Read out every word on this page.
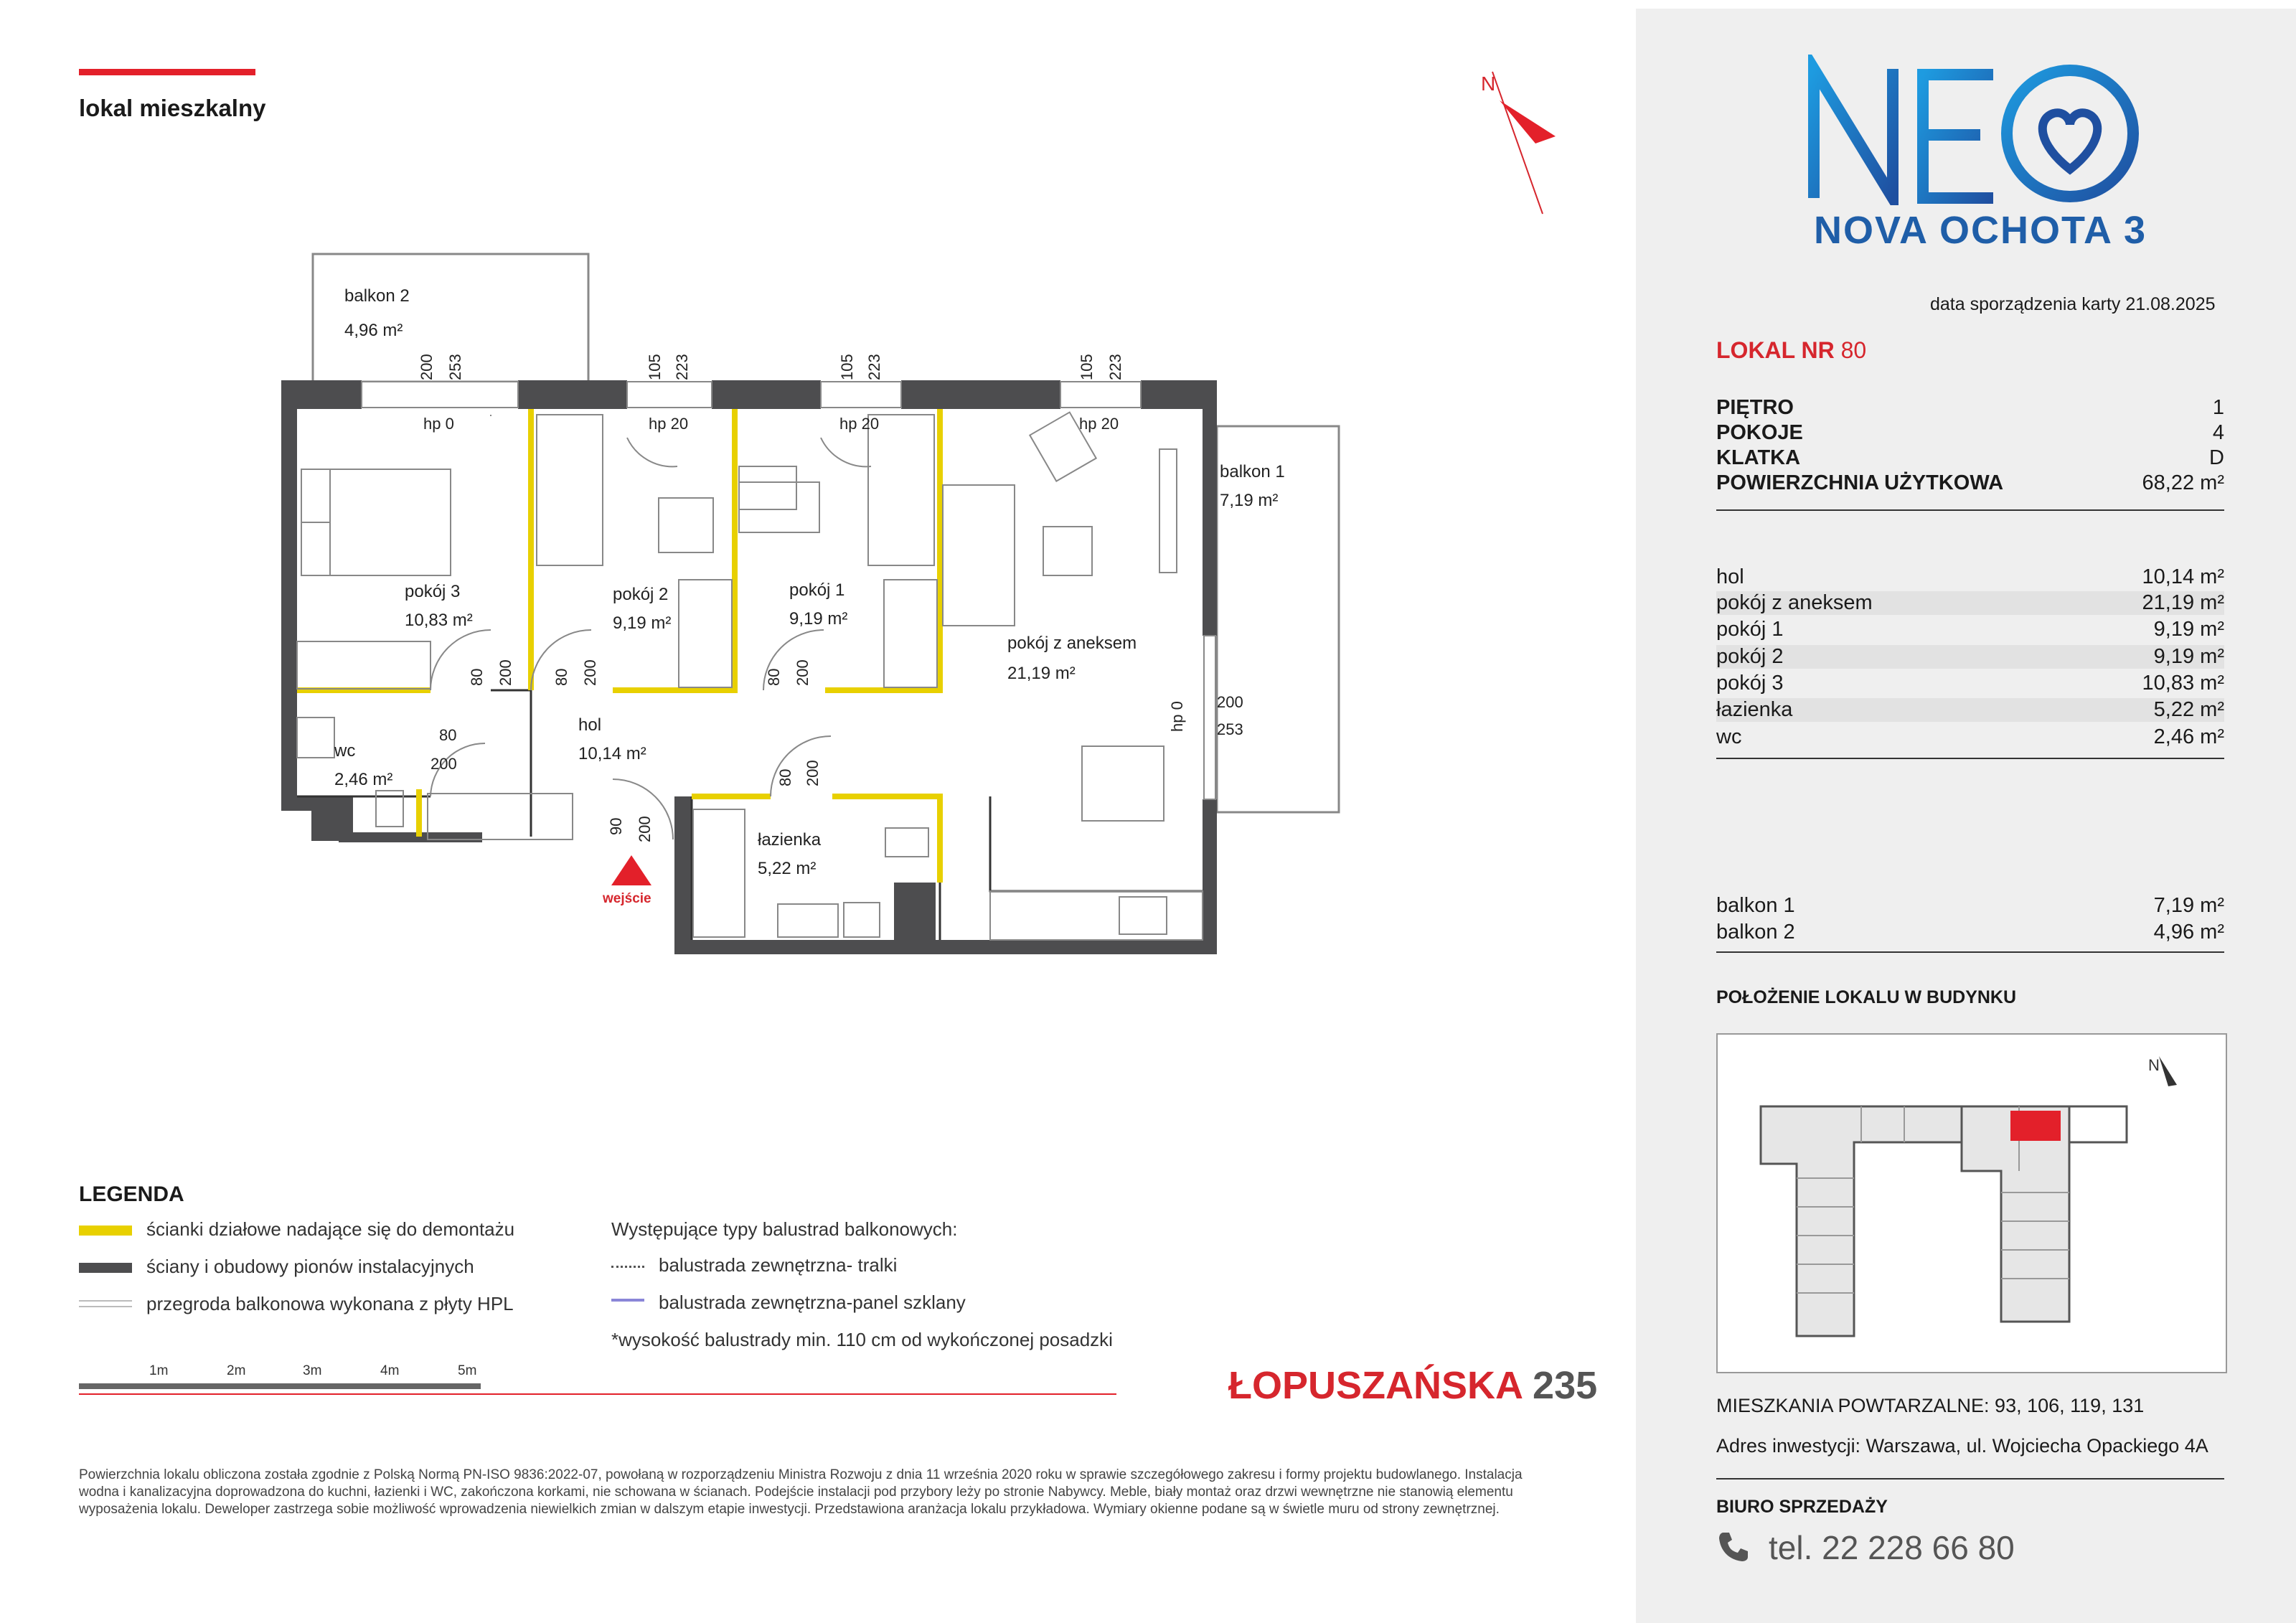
lokal mieszkalny
NOVA OCHOTA 3
data sporządzenia karty 21.08.2025
LOKAL NR 80
PIĘTRO	1
POKOJE	4
KLATKA	D
POWIERZCHNIA UŻYTKOWA	68,22 m²
hol	10,14 m²
pokój z aneksem	21,19 m²
pokój 1	9,19 m²
pokój 2	9,19 m²
pokój 3	10,83 m²
łazienka	5,22 m²
wc	2,46 m²
balkon 1	7,19 m²
balkon 2	4,96 m²
POŁOŻENIE LOKALU W BUDYNKU
N
MIESZKANIA POWTARZALNE: 93, 106, 119, 131
Adres inwestycji: Warszawa, ul. Wojciecha Opackiego 4A
BIURO SPRZEDAŻY
tel. 22 228 66 80
N
wejście
balkon 2
4,96 m²
balkon 1
7,19 m²
pokój 3
10,83 m²
pokój 2
9,19 m²
pokój 1
9,19 m²
pokój z aneksem
21,19 m²
wc
2,46 m²
hol
10,14 m²
łazienka
5,22 m²
hp 0	hp 20	hp 20	hp 20
200 253	105 223	105 223	105 223
hp 0 200
253
80 200 80 200	80 200
80
200
80 200
90 200
LEGENDA
ścianki działowe nadające się do demontażu
ściany i obudowy pionów instalacyjnych
przegroda balkonowa wykonana z płyty HPL
Występujące typy balustrad balkonowych:
balustrada zewnętrzna- tralki
balustrada zewnętrzna-panel szklany
*wysokość balustrady min. 110 cm od wykończonej posadzki
1m	2m	3m	4m	5m	ŁOPUSZAŃSKA 235
Powierzchnia lokalu obliczona została zgodnie z Polską Normą PN-ISO 9836:2022-07, powołaną w rozporządzeniu Ministra Rozwoju z dnia 11 września 2020 roku w sprawie szczegółowego zakresu i formy projektu budowlanego. Instalacja wodna i kanalizacyjna doprowadzona do kuchni, łazienki i WC, zakończona korkami, nie schowana w ścianach. Podejście instalacji pod przybory leży po stronie Nabywcy. Meble, biały montaż oraz drzwi wewnętrzne nie stanowią elementu wyposażenia lokalu. Deweloper zastrzega sobie możliwość wprowadzenia niewielkich zmian w dalszym etapie inwestycji. Przedstawiona aranżacja lokalu przykładowa. Wymiary okienne podane są w świetle muru od strony zewnętrznej.
